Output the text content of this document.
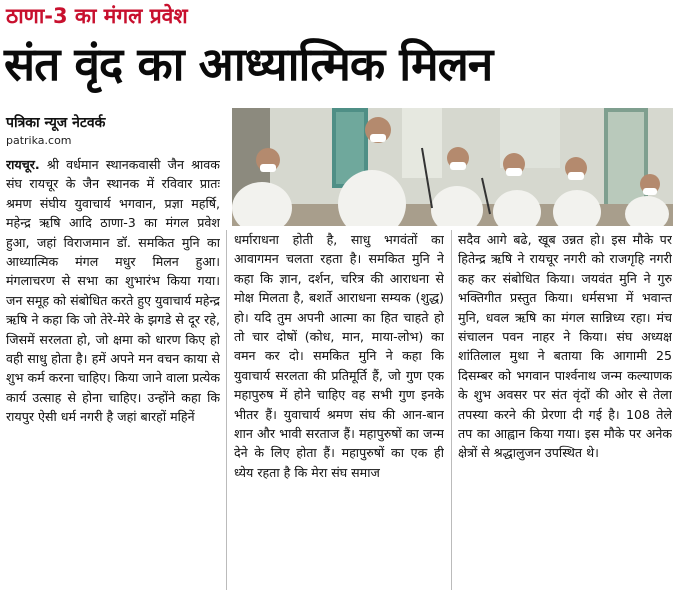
ठाणा-3 का मंगल प्रवेश
संत वृंद का आध्यात्मिक मिलन
पत्रिका न्यूज नेटवर्क
patrika.com
रायचूर. श्री वर्धमान स्थानकवासी जैन श्रावक संघ रायचूर के जैन स्थानक में रविवार प्रातः श्रमण संघीय युवाचार्य भगवान, प्रज्ञा महर्षि, महेन्द्र ऋषि आदि ठाणा-3 का मंगल प्रवेश हुआ, जहां विराजमान डॉ. समकित मुनि का आध्यात्मिक मंगल मधुर मिलन हुआ। मंगलाचरण से सभा का शुभारंभ किया गया। जन समूह को संबोधित करते हुए युवाचार्य महेन्द्र ऋषि ने कहा कि जो तेरे-मेरे के झगडे से दूर रहे, जिसमें सरलता हो, जो क्षमा को धारण किए हो वही साधु होता है। हमें अपने मन वचन काया से शुभ कर्म करना चाहिए। किया जाने वाला प्रत्येक कार्य उत्साह से होना चाहिए। उन्होंने कहा कि रायपुर ऐसी धर्म नगरी है जहां बारहों महिनें
धर्माराधना होती है, साधु भगवंतों का आवागमन चलता रहता है। समकित मुनि ने कहा कि ज्ञान, दर्शन, चरित्र की आराधना से मोक्ष मिलता है, बशर्ते आराधना सम्यक (शुद्ध) हो। यदि तुम अपनी आत्मा का हित चाहते हो तो चार दोषों (कोध, मान, माया-लोभ) का वमन कर दो। समकित मुनि ने कहा कि युवाचार्य सरलता की प्रतिमूर्ति हैं, जो गुण एक महापुरुष में होने चाहिए वह सभी गुण इनके भीतर हैं। युवाचार्य श्रमण संघ की आन-बान शान और भावी सरताज हैं। महापुरुषों का जन्म देने के लिए होता हैं। महापुरुषों का एक ही ध्येय रहता है कि मेरा संघ समाज
सदैव आगे बढे, खूब उन्नत हो। इस मौके पर हितेन्द्र ऋषि ने रायचूर नगरी को राजगृहि नगरी कह कर संबोधित किया। जयवंत मुनि ने गुरु भक्तिगीत प्रस्तुत किया। धर्मसभा में भवान्त मुनि, धवल ऋषि का मंगल सान्निध्य रहा। मंच संचालन पवन नाहर ने किया। संघ अध्यक्ष शांतिलाल मुथा ने बताया कि आगामी 25 दिसम्बर को भगवान पार्श्वनाथ जन्म कल्याणक के शुभ अवसर पर संत वृंदों की ओर से तेला तपस्या करने की प्रेरणा दी गई है। 108 तेले तप का आह्वान किया गया। इस मौके पर अनेक क्षेत्रों से श्रद्धालुजन उपस्थित थे।
